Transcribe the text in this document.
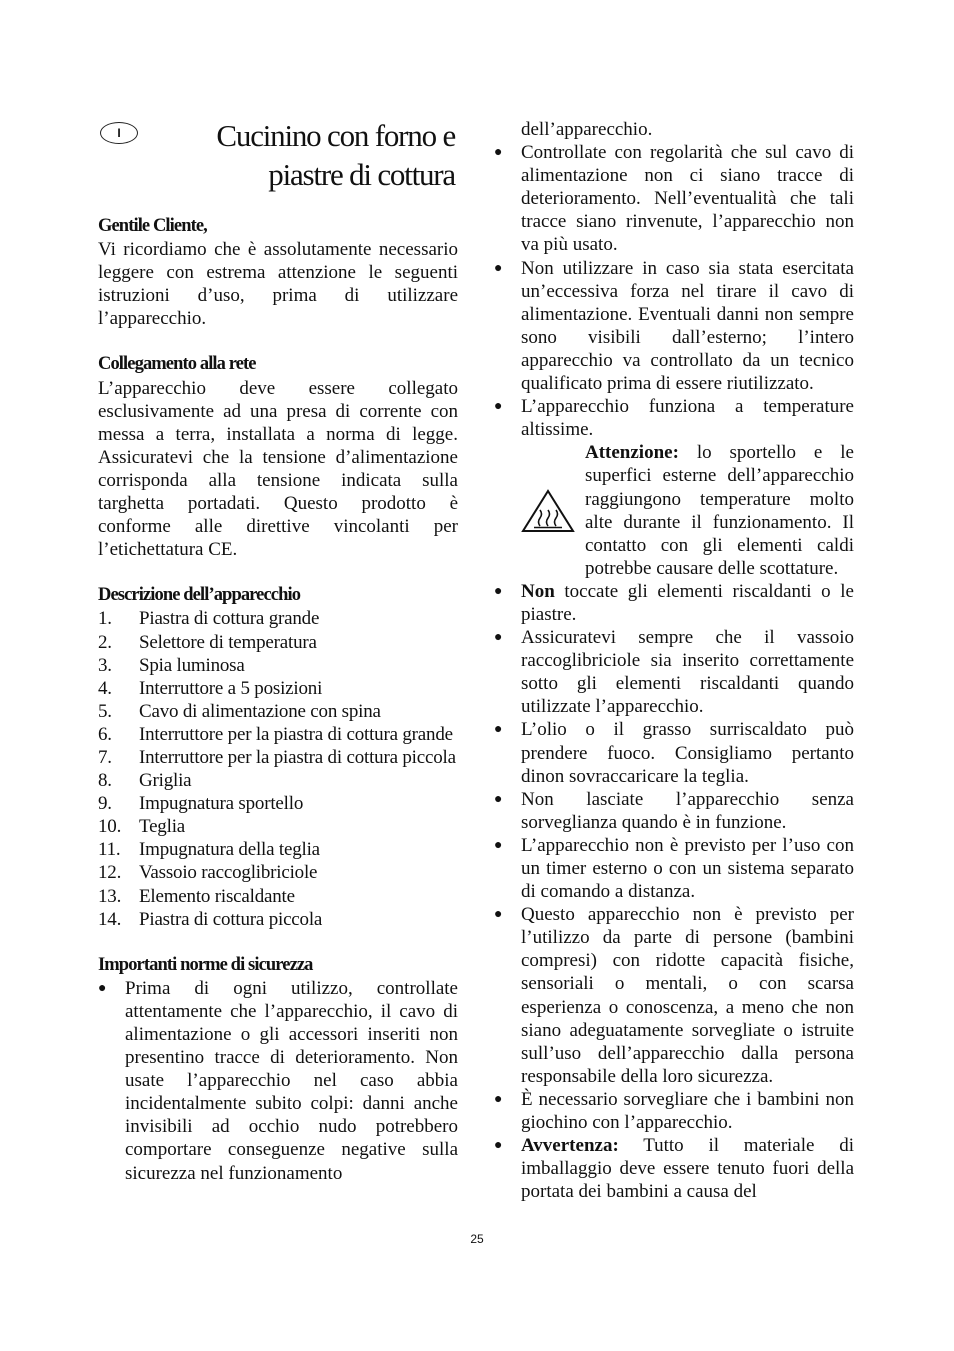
I	Cucinino con forno e
piastre di cottura

Gentile Cliente,

Vi ricordiamo che è assolutamente necessario leggere con estrema attenzione le seguenti istruzioni d’uso, prima di utilizzare l’apparecchio.

Collegamento alla rete

L’apparecchio deve essere collegato esclusivamente ad una presa di corrente con messa a terra, installata a norma di legge. Assicuratevi che la tensione d’alimentazione corrisponda alla tensione indicata sulla targhetta portadati. Questo prodotto è conforme alle direttive vincolanti per l’etichettatura CE.

Descrizione dell’apparecchio

1.	Piastra di cottura grande
2.	Selettore di temperatura
3.	Spia luminosa
4.	Interruttore a 5 posizioni
5.	Cavo di alimentazione con spina
6.	Interruttore per la piastra di cottura grande
7.	Interruttore per la piastra di cottura piccola
8.	Griglia
9.	Impugnatura sportello
10. Teglia
11. Impugnatura della teglia
12. Vassoio raccoglibriciole
13. Elemento riscaldante
14. Piastra di cottura piccola

Importanti norme di sicurezza

● Prima di ogni utilizzo, controllate attentamente che l’apparecchio, il cavo di alimentazione o gli accessori inseriti non presentino tracce di deterioramento. Non usate l’apparecchio nel caso abbia incidentalmente subito colpi: danni anche invisibili ad occhio nudo potrebbero comportare conseguenze negative sulla sicurezza nel funzionamento
dell’apparecchio.
● Controllate con regolarità che sul cavo di alimentazione non ci siano tracce di deterioramento. Nell’eventualità che tali tracce siano rinvenute, l’apparecchio non va più usato.
● Non utilizzare in caso sia stata esercitata un’eccessiva forza nel tirare il cavo di alimentazione. Eventuali danni non sempre sono visibili dall’esterno; l’intero apparecchio va controllato da un tecnico qualificato prima di essere riutilizzato.
● L’apparecchio funziona a temperature altissime.
Attenzione: lo sportello e le superfici esterne dell’apparecchio raggiungono temperature molto alte durante il funzionamento. Il contatto con gli elementi caldi potrebbe causare delle scottature.
● Non toccate gli elementi riscaldanti o le piastre.
● Assicuratevi sempre che il vassoio raccoglibriciole sia inserito correttamente sotto gli elementi riscaldanti quando utilizzate l’apparecchio.
● L’olio o il grasso surriscaldato può prendere fuoco. Consigliamo pertanto dinon sovraccaricare la teglia.
● Non lasciate l’apparecchio senza sorveglianza quando è in funzione.
● L’apparecchio non è previsto per l’uso con un timer esterno o con un sistema separato di comando a distanza.
● Questo apparecchio non è previsto per l’utilizzo da parte di persone (bambini compresi) con ridotte capacità fisiche, sensoriali o mentali, o con scarsa esperienza o conoscenza, a meno che non siano adeguatamente sorvegliate o istruite sull’uso dell’apparecchio dalla persona responsabile della loro sicurezza.
● È necessario sorvegliare che i bambini non giochino con l’apparecchio.
● Avvertenza: Tutto il materiale di imballaggio deve essere tenuto fuori della portata dei bambini a causa del
25
